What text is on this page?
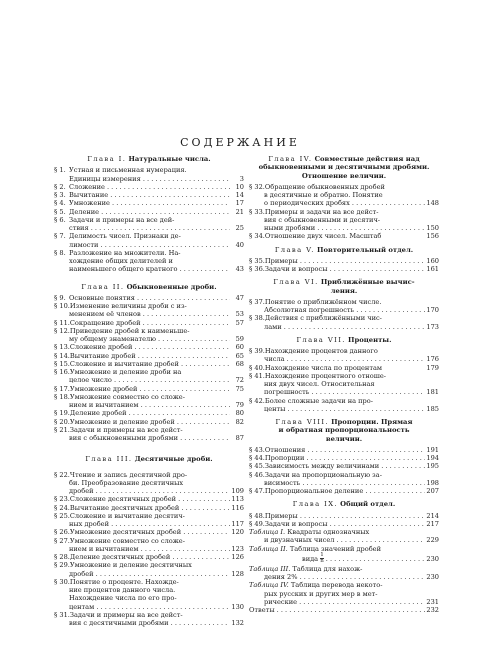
СОДЕРЖАНИЕ
Глава I. Натуральные числа.
§ 1. Устная и письменная нумерация.
Единицы измерения . . .	3
§ 2. Сложение . . .	10
§ 3. Вычитание . . .	14
§ 4. Умножение . . .	17
§ 5. Деление . . .	21
§ 6. Задачи и примеры на все дей-
ствия . . .	25
§ 7. Делимость чисел. Признаки де-
лимости . . .	40
§ 8. Разложение на множители. На-
хождение общих делителей и
наименьшего общего кратного . . .	43
Глава II. Обыкновенные дроби.
§ 9. Основные понятия . . .	47
§ 10. Изменение величины дроби с из-
менением её членов . . .	53
§ 11. Сокращение дробей . . .	57
§ 12. Приведение дробей к наименьше-
му общему знаменателю . . .	59
§ 13. Сложение дробей . . .	60
§ 14. Вычитание дробей . . .	65
§ 15. Сложение и вычитание дробей . . .	68
§ 16. Умножение и деление дроби на
целое число . . .	72
§ 17. Умножение дробей . . .	75
§ 18. Умножение совместно со сложе-
нием и вычитанием . . .	79
§ 19. Деление дробей . . .	80
§ 20. Умножение и деление дробей . . .	82
§ 21. Задачи и примеры на все дейст-
вия с обыкновенными дробями . . .	87
Глава III. Десятичные дроби.
§ 22. Чтение и запись десятичной дро-
би. Преобразование десятичных
дробей . . .	109
§ 23. Сложение десятичных дробей . . .	113
§ 24. Вычитание десятичных дробей . . .	116
§ 25. Сложение и вычитание десятич-
ных дробей . . .	117
§ 26. Умножение десятичных дробей . . .	120
§ 27. Умножение совместно со сложе-
нием и вычитанием . . .	123
§ 28. Деление десятичных дробей . . .	126
§ 29. Умножение и деление десятичных
дробей . . .	128
§ 30. Понятие о проценте. Нахожде-
ние процентов данного числа.
Нахождение числа по его про-
центам . . .	130
§ 31. Задачи и примеры на все дейст-
вия с десятичными дробями . . .	132
Глава IV. Совместные действия над
обыкновенными и десятичными дробями.
Отношение величин.
§ 32. Обращение обыкновенных дробей
в десятичные и обратно. Понятие
о периодических дробях . . .	148
§ 33. Примеры и задачи на все дейст-
вия с обыкновенными и десятич-
ными дробями . . .	150
§ 34. Отношение двух чисел. Масштаб	156
Глава V. Повторительный отдел.
§ 35. Примеры . . .	160
§ 36. Задачи и вопросы . . .	161
Глава VI. Приближённые вычис-
ления.
§ 37. Понятие о приближённом числе.
Абсолютная погрешность . . .	170
§ 38. Действия с приближёнными чис-
лами . . .	173
Глава VII. Проценты.
§ 39. Нахождение процентов данного
числа . . .	176
§ 40. Нахождение числа по процентам	179
§ 41. Нахождение процентного отноше-
ния двух чисел. Относительная
погрешность . . .	181
§ 42. Более сложные задачи на про-
центы . . .	185
Глава VIII. Пропорции. Прямая
и обратная пропорциональность
величин.
§ 43. Отношения . . .	191
§ 44. Пропорции . . .	194
§ 45. Зависимость между величинами . . .	195
§ 46. Задачи на пропорциональную за-
висимость . . .	198
§ 47. Пропорциональное деление . . .	207
Глава IX. Общий отдел.
§ 48. Примеры . . .	214
§ 49. Задачи и вопросы . . .	217
Таблица I.
Квадраты однозначных
и двузначных чисел . . .	229
Таблица II.
Таблица значений дробей
вида
$\frac{1}{n}$ . . .	230
Таблица III.
Таблица для нахож-
дения 2% . . .	230
Таблица IV.
Таблица перевода некото-
рых русских и других мер в мет-
рические . . .	231
Ответы . . .	232
